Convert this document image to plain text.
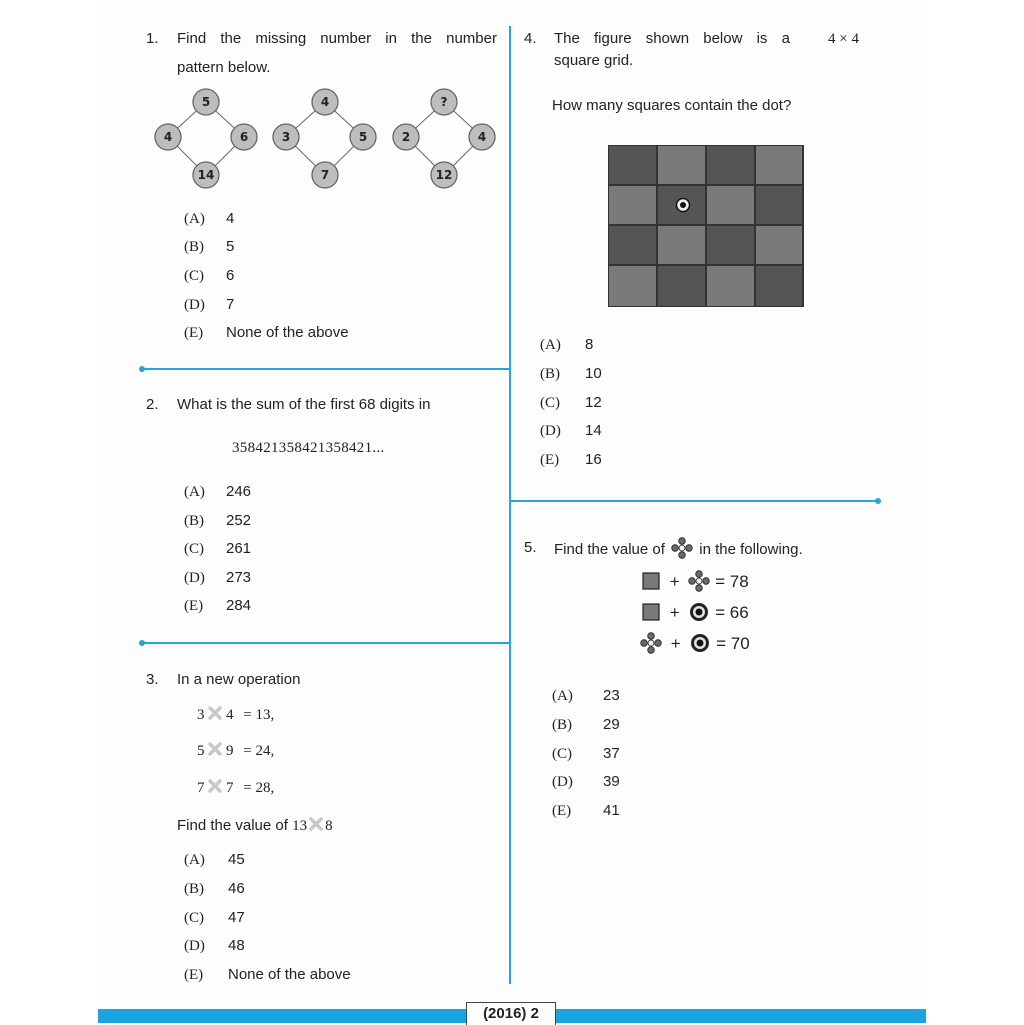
1. Find the missing number in the number
pattern below.
5
4	6
14
4
3	5
7
?
2	4
12
(A) 4
(B) 5
(C) 6
(D) 7
(E) None of the above
2. What is the sum of the first 68 digits in
358421358421358421...
(A) 246
(B) 252
(C) 261
(D) 273
(E) 284
3. In a new operation
3 4 = 13,
5 9 = 24,
7 7 = 28,
Find the value of 13 8
(A) 45
(B) 46
(C) 47
(D) 48
(E) None of the above
4. The figure shown below is a	4 × 4
square grid.
How many squares contain the dot?
(A) 8
(B) 10
(C) 12
(D) 14
(E) 16
5. Find the value of in the following.
+ = 78
+ = 66
+ = 70
(A) 23
(B) 29
(C) 37
(D) 39
(E) 41
(2016) 2
